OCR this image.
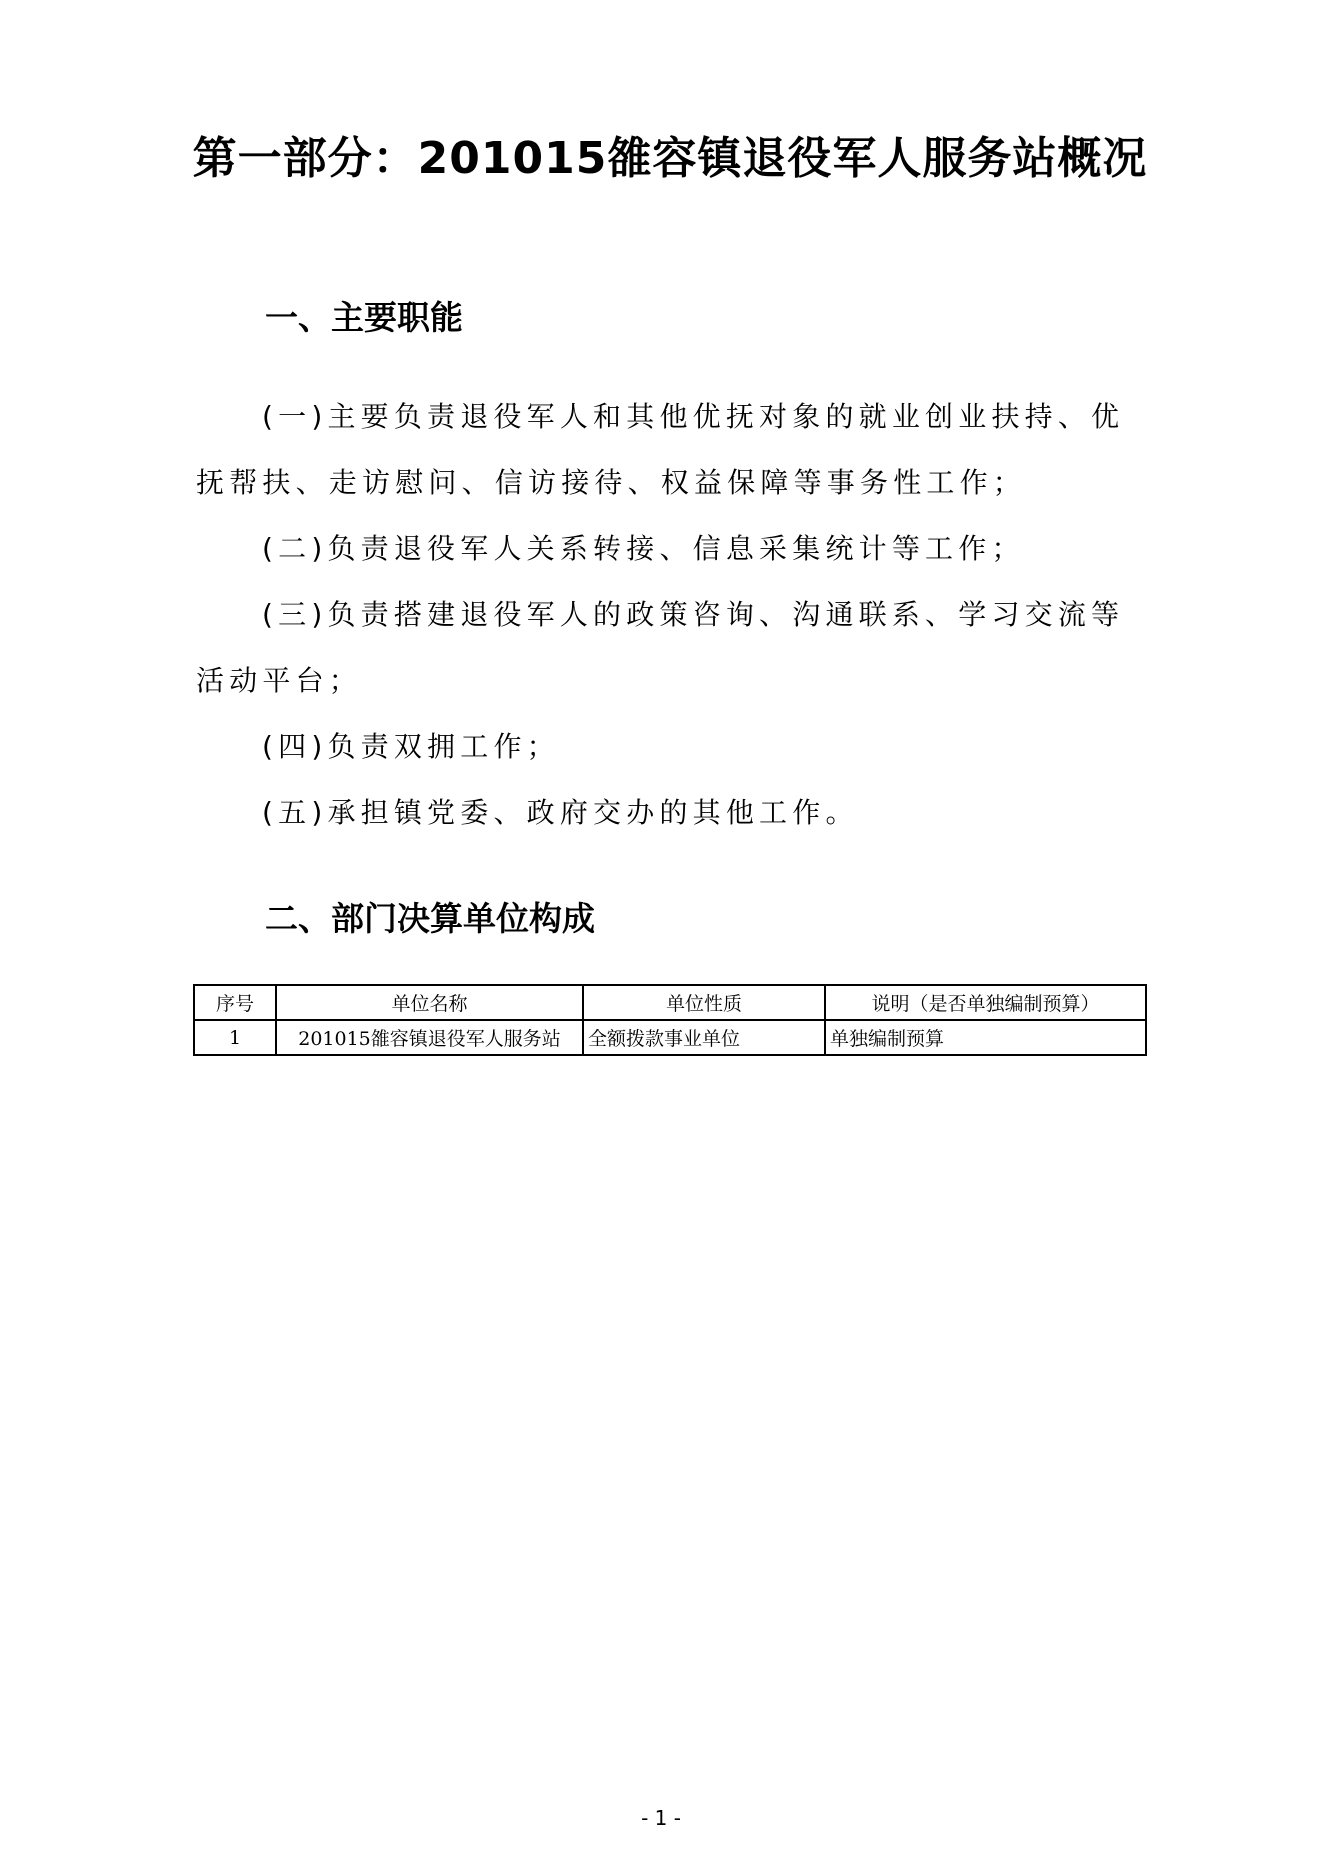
第一部分：201015雒容镇退役军人服务站概况
一、主要职能
(一)主要负责退役军人和其他优抚对象的就业创业扶持、优抚帮扶、走访慰问、信访接待、权益保障等事务性工作；
(二)负责退役军人关系转接、信息采集统计等工作；
(三)负责搭建退役军人的政策咨询、沟通联系、学习交流等活动平台；
(四)负责双拥工作；
(五)承担镇党委、政府交办的其他工作。
二、部门决算单位构成
序号	单位名称	单位性质	说明（是否单独编制预算）
1	201015雒容镇退役军人服务站	全额拨款事业单位	单独编制预算
- 1 -
